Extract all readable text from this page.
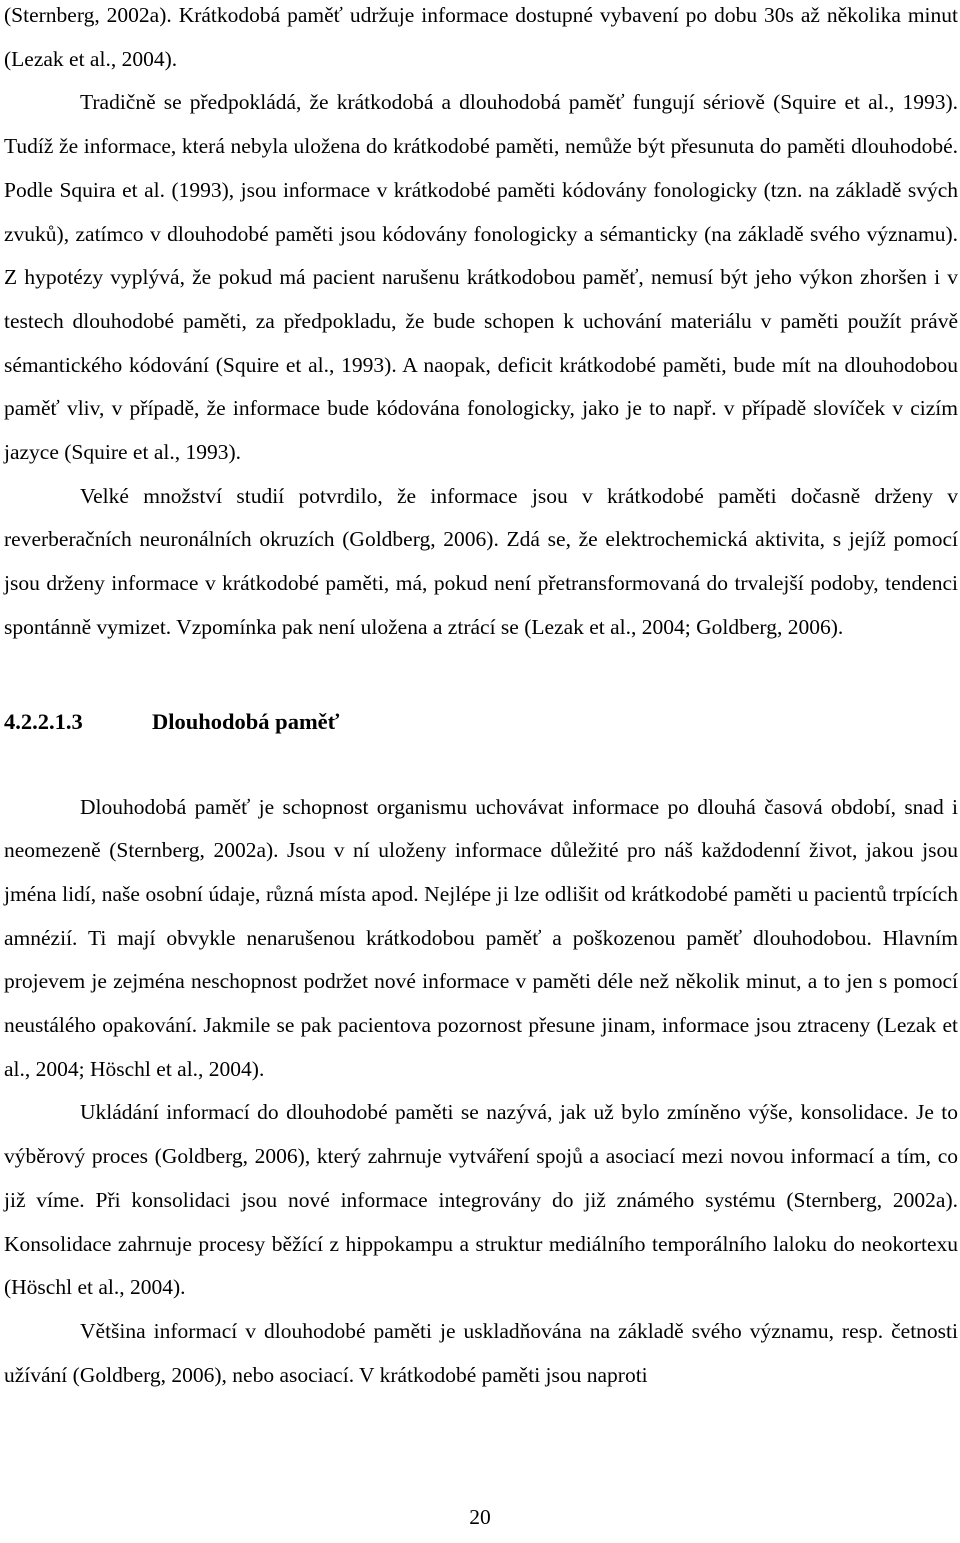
(Sternberg, 2002a). Krátkodobá paměť udržuje informace dostupné vybavení po dobu 30s až několika minut (Lezak et al., 2004).

Tradičně se předpokládá, že krátkodobá a dlouhodobá paměť fungují sériově (Squire et al., 1993). Tudíž že informace, která nebyla uložena do krátkodobé paměti, nemůže být přesunuta do paměti dlouhodobé. Podle Squira et al. (1993), jsou informace v krátkodobé paměti kódovány fonologicky (tzn. na základě svých zvuků), zatímco v dlouhodobé paměti jsou kódovány fonologicky a sémanticky (na základě svého významu). Z hypotézy vyplývá, že pokud má pacient narušenu krátkodobou paměť, nemusí být jeho výkon zhoršen i v testech dlouhodobé paměti, za předpokladu, že bude schopen k uchování materiálu v paměti použít právě sémantického kódování (Squire et al., 1993). A naopak, deficit krátkodobé paměti, bude mít na dlouhodobou paměť vliv, v případě, že informace bude kódována fonologicky, jako je to např. v případě slovíček v cizím jazyce (Squire et al., 1993).

Velké množství studií potvrdilo, že informace jsou v krátkodobé paměti dočasně drženy v reverberačních neuronálních okruzích (Goldberg, 2006). Zdá se, že elektrochemická aktivita, s jejíž pomocí jsou drženy informace v krátkodobé paměti, má, pokud není přetransformovaná do trvalejší podoby, tendenci spontánně vymizet. Vzpomínka pak není uložena a ztrácí se (Lezak et al., 2004; Goldberg, 2006).

4.2.2.1.3	Dlouhodobá paměť

Dlouhodobá paměť je schopnost organismu uchovávat informace po dlouhá časová období, snad i neomezeně (Sternberg, 2002a). Jsou v ní uloženy informace důležité pro náš každodenní život, jakou jsou jména lidí, naše osobní údaje, různá místa apod. Nejlépe ji lze odlišit od krátkodobé paměti u pacientů trpících amnézií. Ti mají obvykle nenarušenou krátkodobou paměť a poškozenou paměť dlouhodobou. Hlavním projevem je zejména neschopnost podržet nové informace v paměti déle než několik minut, a to jen s pomocí neustálého opakování. Jakmile se pak pacientova pozornost přesune jinam, informace jsou ztraceny (Lezak et al., 2004; Höschl et al., 2004).

Ukládání informací do dlouhodobé paměti se nazývá, jak už bylo zmíněno výše, konsolidace. Je to výběrový proces (Goldberg, 2006), který zahrnuje vytváření spojů a asociací mezi novou informací a tím, co již víme. Při konsolidaci jsou nové informace integrovány do již známého systému (Sternberg, 2002a). Konsolidace zahrnuje procesy běžící z hippokampu a struktur mediálního temporálního laloku do neokortexu (Höschl et al., 2004).

Většina informací v dlouhodobé paměti je uskladňována na základě svého významu, resp. četnosti užívání (Goldberg, 2006), nebo asociací. V krátkodobé paměti jsou naproti

20
